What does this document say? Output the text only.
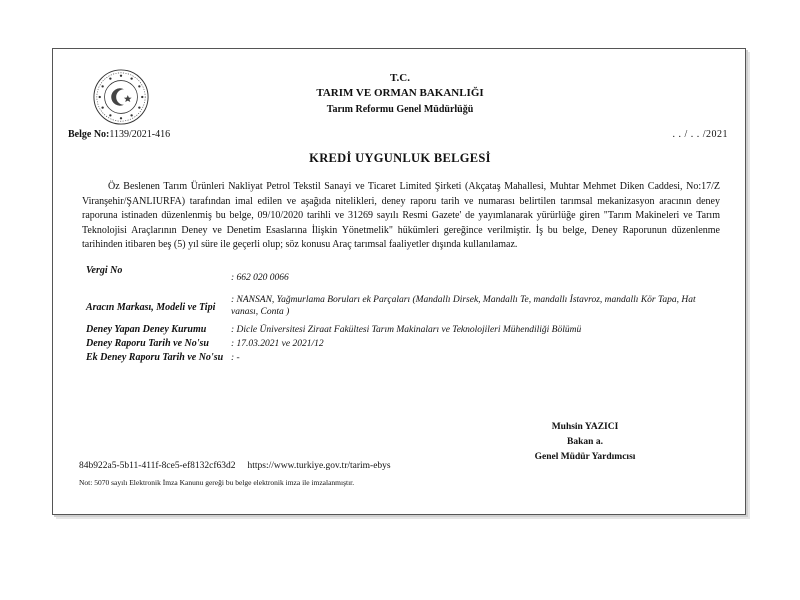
T.C.
TARIM VE ORMAN BAKANLIĞI
Tarım Reformu Genel Müdürlüğü
Belge No:1139/2021-416	. . / . . /2021
KREDİ UYGUNLUK BELGESİ
Öz Beslenen Tarım Ürünleri Nakliyat Petrol Tekstil Sanayi ve Ticaret Limited Şirketi (Akçataş Mahallesi, Muhtar Mehmet Diken Caddesi, No:17/Z Viranşehir/ŞANLIURFA) tarafından imal edilen ve aşağıda nitelikleri, deney raporu tarih ve numarası belirtilen tarımsal mekanizasyon aracının deney raporuna istinaden düzenlenmiş bu belge, 09/10/2020 tarihli ve 31269 sayılı Resmi Gazete' de yayımlanarak yürürlüğe giren "Tarım Makineleri ve Tarım Teknolojisi Araçlarının Deney ve Denetim Esaslarına İlişkin Yönetmelik" hükümleri gereğince verilmiştir. İş bu belge, Deney Raporunun düzenlenme tarihinden itibaren beş (5) yıl süre ile geçerli olup; söz konusu Araç tarımsal faaliyetler dışında kullanılamaz.
Vergi No
: 662 020 0066
Aracın Markası, Modeli ve Tipi
: NANSAN, Yağmurlama Boruları ek Parçaları (Mandallı Dirsek, Mandallı Te, mandallı İstavroz, mandallı Kör Tapa, Hat vanası, Conta )
Deney Yapan Deney Kurumu	: Dicle Üniversitesi Ziraat Fakültesi Tarım Makinaları ve Teknolojileri Mühendiliği Bölümü
Deney Raporu Tarih ve No'su : 17.03.2021 ve 2021/12
Ek Deney Raporu Tarih ve No'su : -
Muhsin YAZICI
Bakan a.
Genel Müdür Yardımcısı
84b922a5-5b11-411f-8ce5-ef8132cf63d2 https://www.turkiye.gov.tr/tarim-ebys
Not: 5070 sayılı Elektronik İmza Kanunu gereği bu belge elektronik imza ile imzalanmıştır.
